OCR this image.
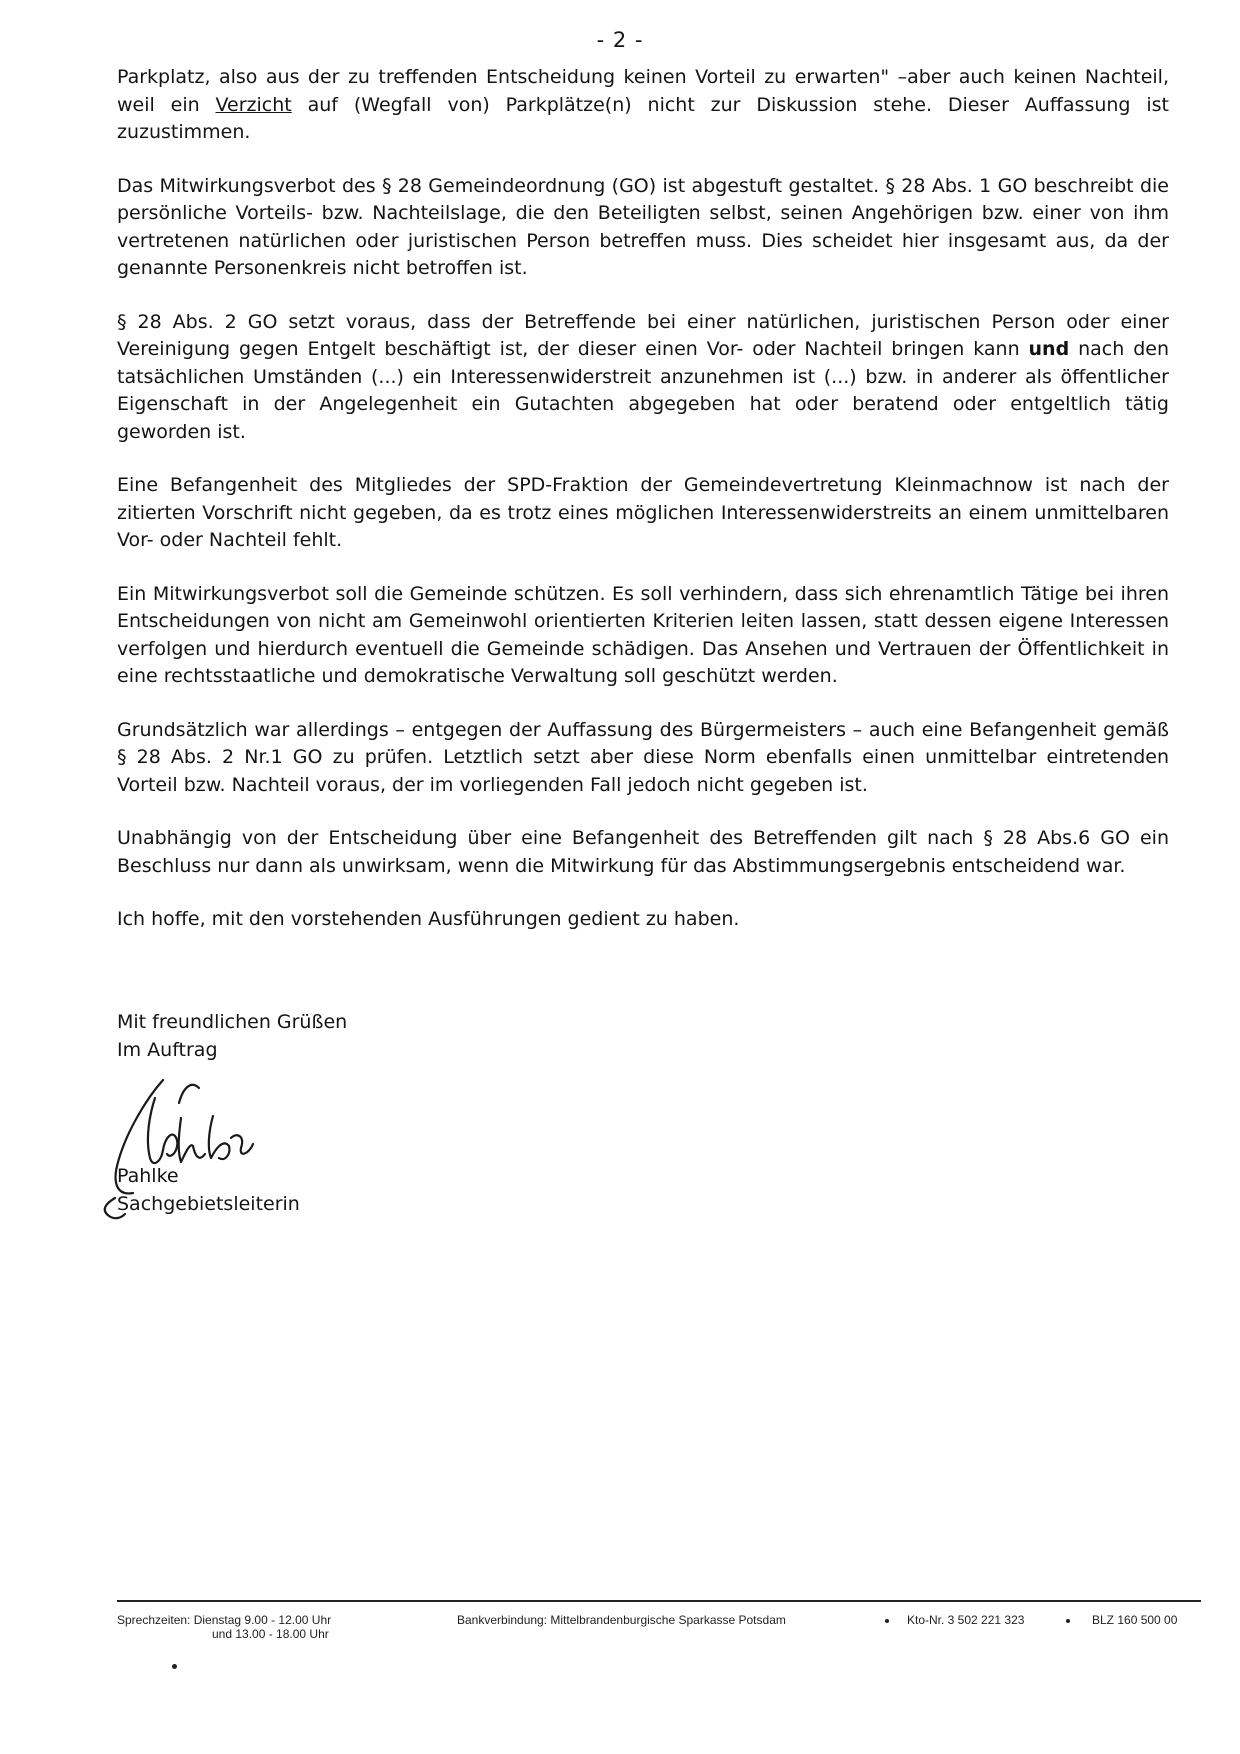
- 2 -

Parkplatz, also aus der zu treffenden Entscheidung keinen Vorteil zu erwarten" –aber auch keinen Nachteil, weil ein Verzicht auf (Wegfall von) Parkplätze(n) nicht zur Diskussion stehe. Dieser Auffassung ist zuzustimmen.

Das Mitwirkungsverbot des § 28 Gemeindeordnung (GO) ist abgestuft gestaltet. § 28 Abs. 1 GO beschreibt die persönliche Vorteils- bzw. Nachteilslage, die den Beteiligten selbst, seinen Angehörigen bzw. einer von ihm vertretenen natürlichen oder juristischen Person betreffen muss. Dies scheidet hier insgesamt aus, da der genannte Personenkreis nicht betroffen ist.

§ 28 Abs. 2 GO setzt voraus, dass der Betreffende bei einer natürlichen, juristischen Person oder einer Vereinigung gegen Entgelt beschäftigt ist, der dieser einen Vor- oder Nachteil bringen kann und nach den tatsächlichen Umständen (...) ein Interessenwiderstreit anzunehmen ist (...) bzw. in anderer als öffentlicher Eigenschaft in der Angelegenheit ein Gutachten abgegeben hat oder beratend oder entgeltlich tätig geworden ist.

Eine Befangenheit des Mitgliedes der SPD-Fraktion der Gemeindevertretung Kleinmachnow ist nach der zitierten Vorschrift nicht gegeben, da es trotz eines möglichen Interessenwiderstreits an einem unmittelbaren Vor- oder Nachteil fehlt.

Ein Mitwirkungsverbot soll die Gemeinde schützen. Es soll verhindern, dass sich ehrenamtlich Tätige bei ihren Entscheidungen von nicht am Gemeinwohl orientierten Kriterien leiten lassen, statt dessen eigene Interessen verfolgen und hierdurch eventuell die Gemeinde schädigen. Das Ansehen und Vertrauen der Öffentlichkeit in eine rechtsstaatliche und demokratische Verwaltung soll geschützt werden.

Grundsätzlich war allerdings – entgegen der Auffassung des Bürgermeisters – auch eine Befangenheit gemäß § 28 Abs. 2 Nr.1 GO zu prüfen. Letztlich setzt aber diese Norm ebenfalls einen unmittelbar eintretenden Vorteil bzw. Nachteil voraus, der im vorliegenden Fall jedoch nicht gegeben ist.

Unabhängig von der Entscheidung über eine Befangenheit des Betreffenden gilt nach § 28 Abs.6 GO ein Beschluss nur dann als unwirksam, wenn die Mitwirkung für das Abstimmungsergebnis entscheidend war.

Ich hoffe, mit den vorstehenden Ausführungen gedient zu haben.

Mit freundlichen Grüßen
Im Auftrag
Pahlke
Sachgebietsleiterin
Sprechzeiten: Dienstag 9.00 - 12.00 Uhr
und 13.00 - 18.00 Uhr
Bankverbindung: Mittelbrandenburgische Sparkasse Potsdam	Kto-Nr. 3 502 221 323	BLZ 160 500 00
